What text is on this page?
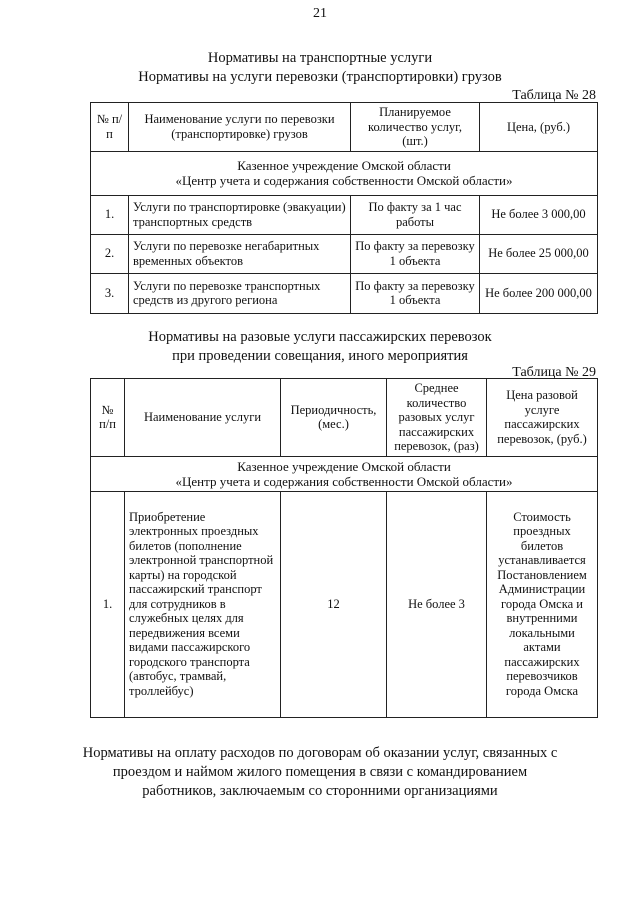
21
Нормативы на транспортные услуги
Нормативы на услуги перевозки (транспортировки) грузов
Таблица № 28
№ п/п	Наименование услуги по перевозки (транспортировке) грузов	Планируемое количество услуг, (шт.)	Цена, (руб.)

Казенное учреждение Омской области
«Центр учета и содержания собственности Омской области»			

1.	Услуги по транспортировке (эвакуации) транспортных средств	По факту за 1 час работы	Не более 3 000,00
2.	Услуги по перевозке негабаритных временных объектов	По факту за перевозку 1 объекта	Не более 25 000,00
3.	Услуги по перевозке транспортных средств из другого региона	По факту за перевозку 1 объекта	Не более 200 000,00
Нормативы на разовые услуги пассажирских перевозок
при проведении совещания, иного мероприятия
Таблица № 29
№ п/п	Наименование услуги	Периодичность, (мес.)	Среднее количество разовых услуг пассажирских перевозок, (раз)	Цена разовой услуге пассажирских перевозок, (руб.)

Казенное учреждение Омской области
«Центр учета и содержания собственности Омской области»				

1.	Приобретение электронных проездных билетов (пополнение электронной транспортной карты) на городской пассажирский транспорт для сотрудников в служебных целях для передвижения всеми видами пассажирского городского транспорта (автобус, трамвай, троллейбус)	12	Не более 3	Стоимость проездных билетов устанавливается Постановлением Администрации города Омска и внутренними локальными актами пассажирских перевозчиков города Омска
Нормативы на оплату расходов по договорам об оказании услуг, связанных с
проездом и наймом жилого помещения в связи с командированием
работников, заключаемым со сторонними организациями
